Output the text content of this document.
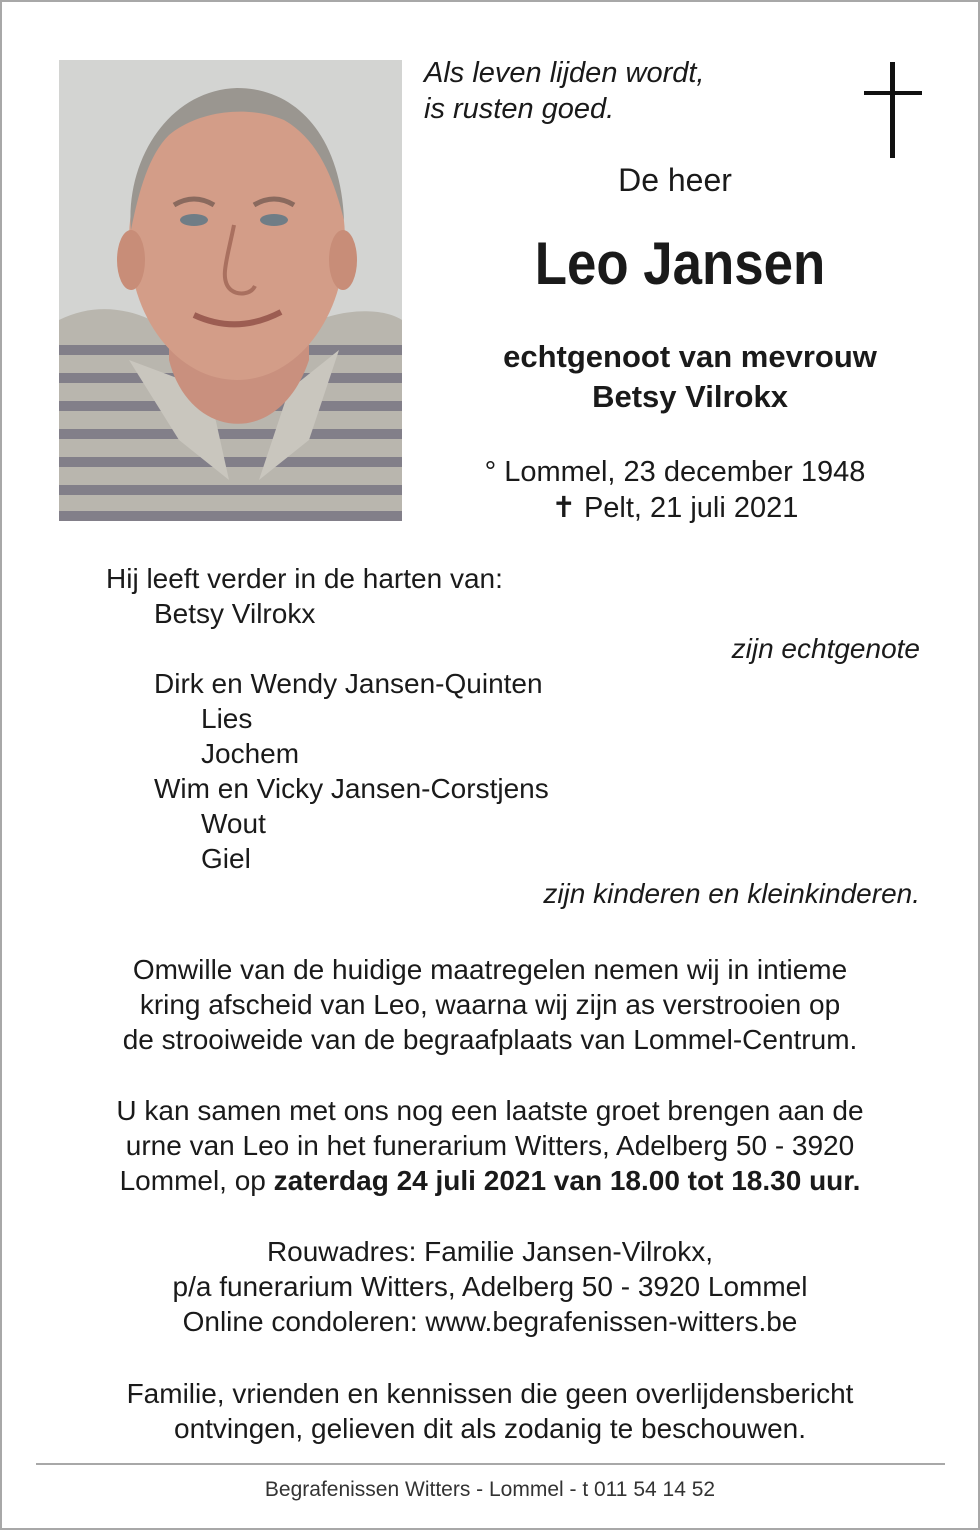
Als leven lijden wordt,
is rusten goed.
De heer
Leo Jansen
echtgenoot van mevrouw
Betsy Vilrokx
° Lommel, 23 december 1948
✝ Pelt, 21 juli 2021
Hij leeft verder in de harten van:
Betsy Vilrokx
zijn echtgenote
Dirk en Wendy Jansen-Quinten
Lies
Jochem
Wim en Vicky Jansen-Corstjens
Wout
Giel
zijn kinderen en kleinkinderen.
Omwille van de huidige maatregelen nemen wij in intieme
kring afscheid van Leo, waarna wij zijn as verstrooien op
de strooiweide van de begraafplaats van Lommel-Centrum.
U kan samen met ons nog een laatste groet brengen aan de
urne van Leo in het funerarium Witters, Adelberg 50 - 3920
Lommel, op zaterdag 24 juli 2021 van 18.00 tot 18.30 uur.
Rouwadres: Familie Jansen-Vilrokx,
p/a funerarium Witters, Adelberg 50 - 3920 Lommel
Online condoleren: www.begrafenissen-witters.be
Familie, vrienden en kennissen die geen overlijdensbericht
ontvingen, gelieven dit als zodanig te beschouwen.
Begrafenissen Witters - Lommel - t 011 54 14 52
